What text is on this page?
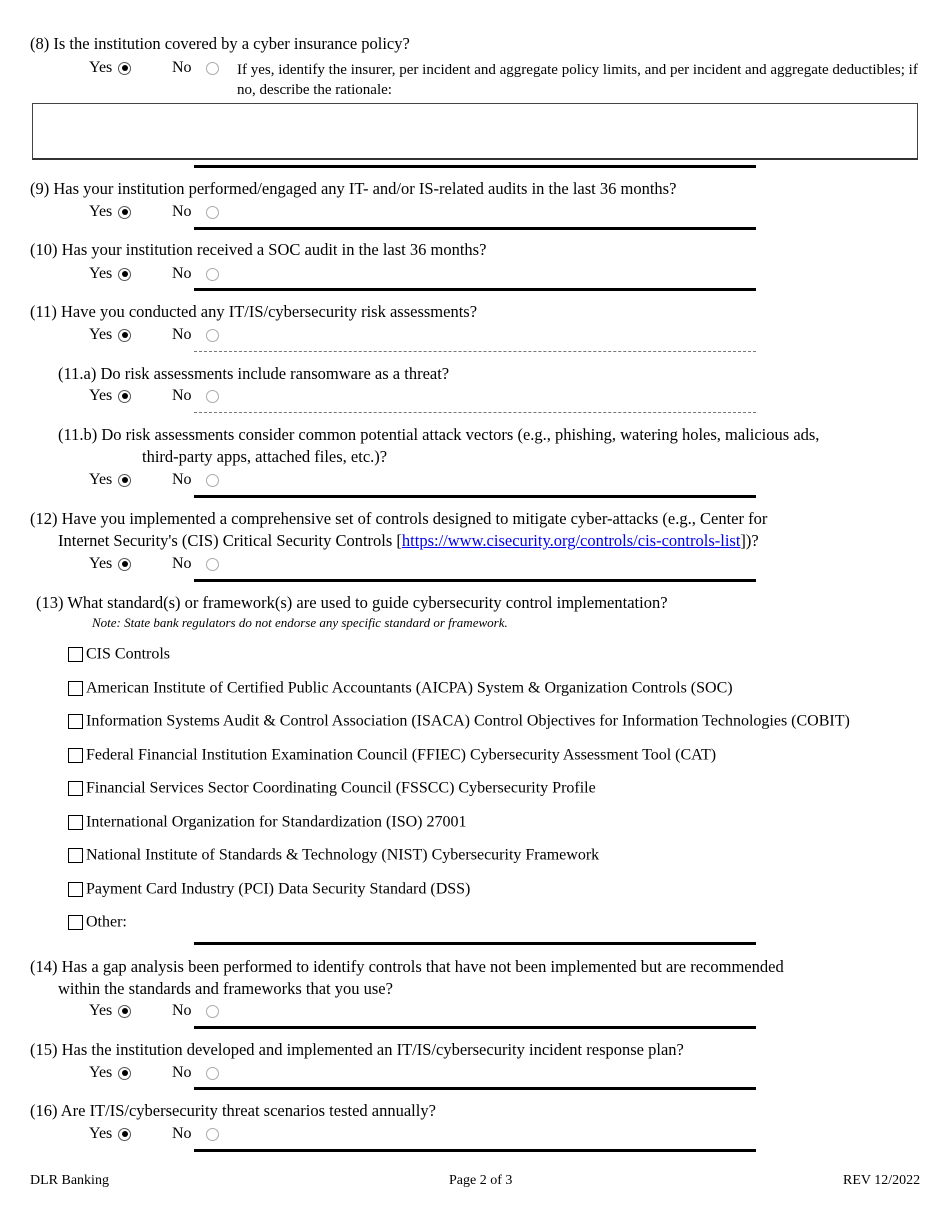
(8) Is the institution covered by a cyber insurance policy?
Yes	No	If yes, identify the insurer, per incident and aggregate policy limits, and per incident and aggregate deductibles; if no, describe the rationale:
(9) Has your institution performed/engaged any IT- and/or IS-related audits in the last 36 months?
Yes	No
(10) Has your institution received a SOC audit in the last 36 months?
Yes	No
(11) Have you conducted any IT/IS/cybersecurity risk assessments?
Yes	No
(11.a) Do risk assessments include ransomware as a threat?
Yes	No
(11.b) Do risk assessments consider common potential attack vectors (e.g., phishing, watering holes, malicious ads,
third-party apps, attached files, etc.)?
Yes	No
(12) Have you implemented a comprehensive set of controls designed to mitigate cyber-attacks (e.g., Center for
Internet Security's (CIS) Critical Security Controls [https://www.cisecurity.org/controls/cis-controls-list])?
Yes	No
(13) What standard(s) or framework(s) are used to guide cybersecurity control implementation?
Note: State bank regulators do not endorse any specific standard or framework.
CIS Controls
American Institute of Certified Public Accountants (AICPA) System & Organization Controls (SOC)
Information Systems Audit & Control Association (ISACA) Control Objectives for Information Technologies (COBIT)
Federal Financial Institution Examination Council (FFIEC) Cybersecurity Assessment Tool (CAT)
Financial Services Sector Coordinating Council (FSSCC) Cybersecurity Profile
International Organization for Standardization (ISO) 27001
National Institute of Standards & Technology (NIST) Cybersecurity Framework
Payment Card Industry (PCI) Data Security Standard (DSS)
Other:
(14) Has a gap analysis been performed to identify controls that have not been implemented but are recommended
within the standards and frameworks that you use?
Yes	No
(15) Has the institution developed and implemented an IT/IS/cybersecurity incident response plan?
Yes	No
(16) Are IT/IS/cybersecurity threat scenarios tested annually?
Yes	No
DLR Banking	Page 2 of 3	REV 12/2022
